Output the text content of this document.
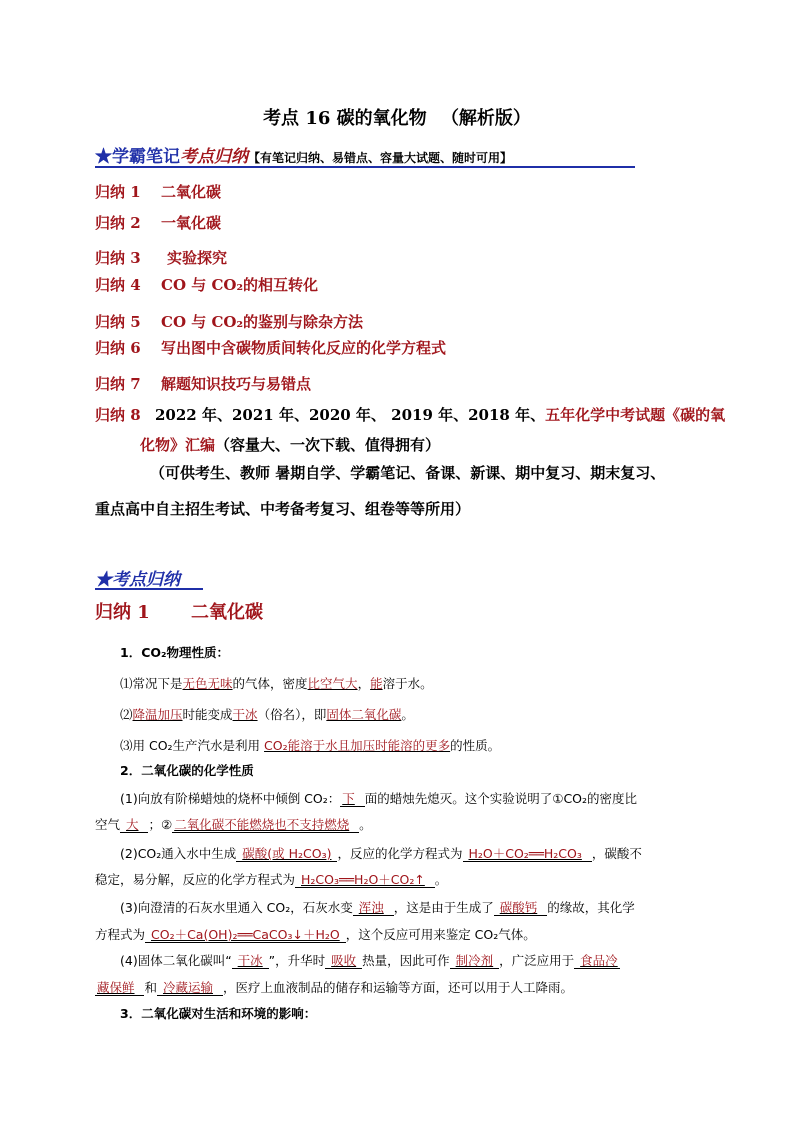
考点 16 碳的氧化物 （解析版）
★学霸笔记考点归纳【有笔记归纳、易错点、容量大试题、随时可用】
归纳 1 二氧化碳
归纳 2 一氧化碳
归纳 3 实验探究
归纳 4 CO 与 CO₂的相互转化
归纳 5 CO 与 CO₂的鉴别与除杂方法
归纳 6 写出图中含碳物质间转化反应的化学方程式
归纳 7 解题知识技巧与易错点
归纳 8 2022 年、2021 年、2020 年、 2019 年、2018 年、五年化学中考试题《碳的氧
化物》汇编（容量大、一次下载、值得拥有）
（可供考生、教师 暑期自学、学霸笔记、备课、新课、期中复习、期末复习、
重点高中自主招生考试、中考备考复习、组卷等等所用）
★考点归纳
归纳 1 二氧化碳
1．CO₂物理性质：
⑴常况下是无色无味的气体，密度比空气大，能溶于水。
⑵降温加压时能变成干冰（俗名），即固体二氧化碳。
⑶用 CO₂生产汽水是利用 CO₂能溶于水且加压时能溶的更多的性质。
2．二氧化碳的化学性质
(1)向放有阶梯蜡烛的烧杯中倾倒 CO₂： 下 面的蜡烛先熄灭。这个实验说明了①CO₂的密度比
空气 大 ；② 二氧化碳不能燃烧也不支持燃烧 。
(2)CO₂通入水中生成 碳酸(或 H₂CO₃) ，反应的化学方程式为 H₂O＋CO₂══H₂CO₃ ，碳酸不
稳定，易分解，反应的化学方程式为 H₂CO₃══H₂O＋CO₂↑ 。
(3)向澄清的石灰水里通入 CO₂，石灰水变 浑浊 ，这是由于生成了 碳酸钙 的缘故，其化学
方程式为 CO₂＋Ca(OH)₂══CaCO₃↓＋H₂O ，这个反应可用来鉴定 CO₂气体。
(4)固体二氧化碳叫“ 干冰 ”，升华时 吸收 热量，因此可作 制冷剂 ，广泛应用于 食品冷
藏保鲜 和 冷藏运输 ，医疗上血液制品的储存和运输等方面，还可以用于人工降雨。
3．二氧化碳对生活和环境的影响：
